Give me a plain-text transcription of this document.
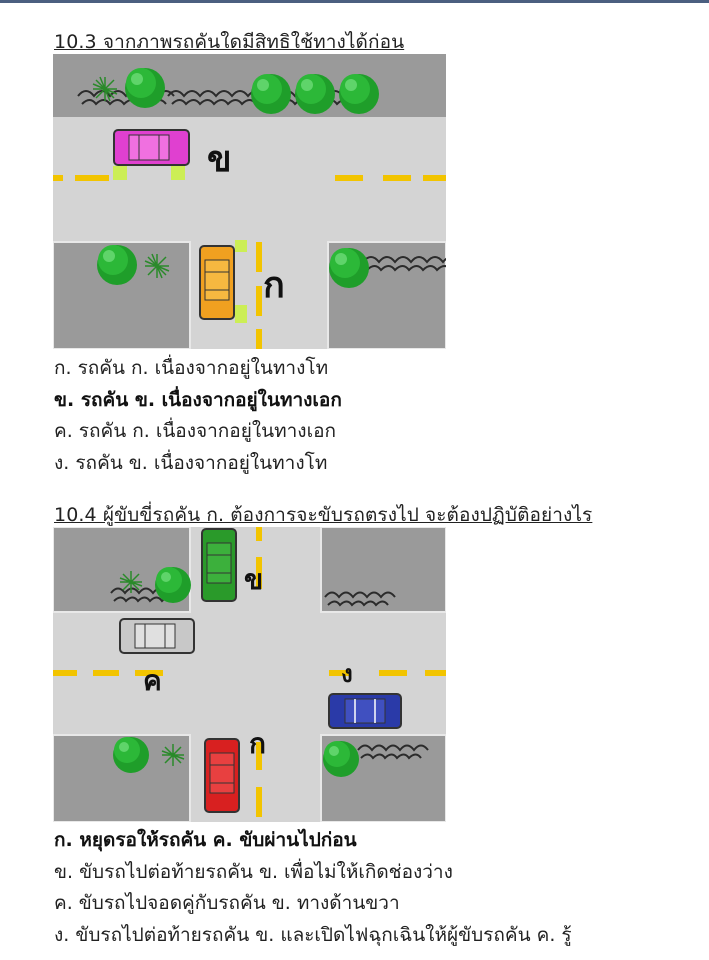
10.3 จากภาพรถคันใดมีสิทธิใช้ทางได้ก่อน
ข
ก
ก. รถคัน ก. เนื่องจากอยู่ในทางโท
ข. รถคัน ข. เนื่องจากอยู่ในทางเอก
ค. รถคัน ก. เนื่องจากอยู่ในทางเอก
ง. รถคัน ข. เนื่องจากอยู่ในทางโท
10.4 ผู้ขับขี่รถคัน ก. ต้องการจะขับรถตรงไป จะต้องปฏิบัติอย่างไร
ข
ค	ง
ก
ก. หยุดรอให้รถคัน ค. ขับผ่านไปก่อน
ข. ขับรถไปต่อท้ายรถคัน ข. เพื่อไม่ให้เกิดช่องว่าง
ค. ขับรถไปจอดคู่กับรถคัน ข. ทางด้านขวา
ง. ขับรถไปต่อท้ายรถคัน ข. และเปิดไฟฉุกเฉินให้ผู้ขับรถคัน ค. รู้
